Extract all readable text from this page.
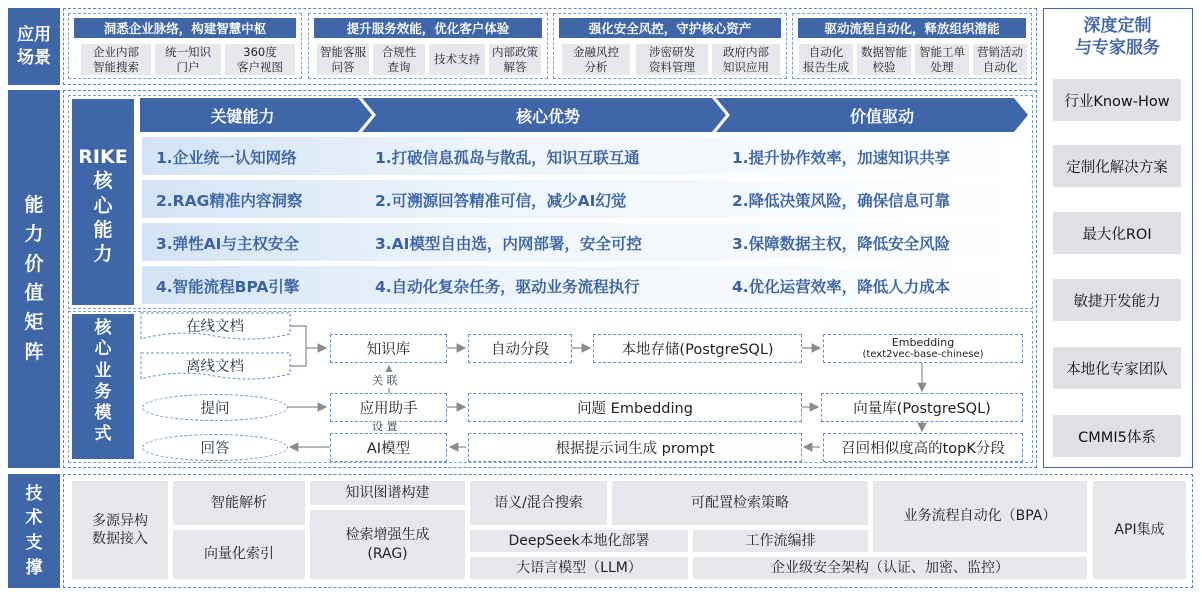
应用
场景
能
力
价
值
矩
阵
技
术
支
撑
洞悉企业脉络，构建智慧中枢
企业内部
智能搜索
统一知识
门户
360度
客户视图
提升服务效能，优化客户体验
智能客服
问答
合规性
查询
技术支持
内部政策
解答
强化安全风控，守护核心资产
金融风控
分析
涉密研发
资料管理
政府内部
知识应用
驱动流程自动化，释放组织潜能
自动化
报告生成
数据智能
校验
智能工单
处理
营销活动
自动化
深度定制
与专家服务
行业Know-How
定制化解决方案
最大化ROI
敏捷开发能力
本地化专家团队
CMMI5体系
RIKE
核
心
能
力
关键能力	核心优势	价值驱动
1.企业统一认知网络	1.打破信息孤岛与散乱，知识互联互通	1.提升协作效率，加速知识共享
2.RAG精准内容洞察	2.可溯源回答精准可信，减少AI幻觉	2.降低决策风险，确保信息可靠
3.弹性AI与主权安全	3.AI模型自由选，内网部署，安全可控	3.保障数据主权，降低安全风险
4.智能流程BPA引擎	4.自动化复杂任务，驱动业务流程执行	4.优化运营效率，降低人力成本
核
心
业
务
模
式
在线文档
离线文档
知识库	自动分段	本地存储(PostgreSQL)	Embedding
(text2vec-base-chinese)
关 联
提问	应用助手	问题 Embedding	向量库(PostgreSQL)
设 置
回答	AI模型	根据提示词生成 prompt	召回相似度高的topK分段
多源异构
数据接入
智能解析
知识图谱构建
语义/混合搜索	可配置检索策略
业务流程自动化（BPA）
API集成
向量化索引
检索增强生成
(RAG)
DeepSeek本地化部署	工作流编排
大语言模型（LLM）	企业级安全架构（认证、加密、监控）
